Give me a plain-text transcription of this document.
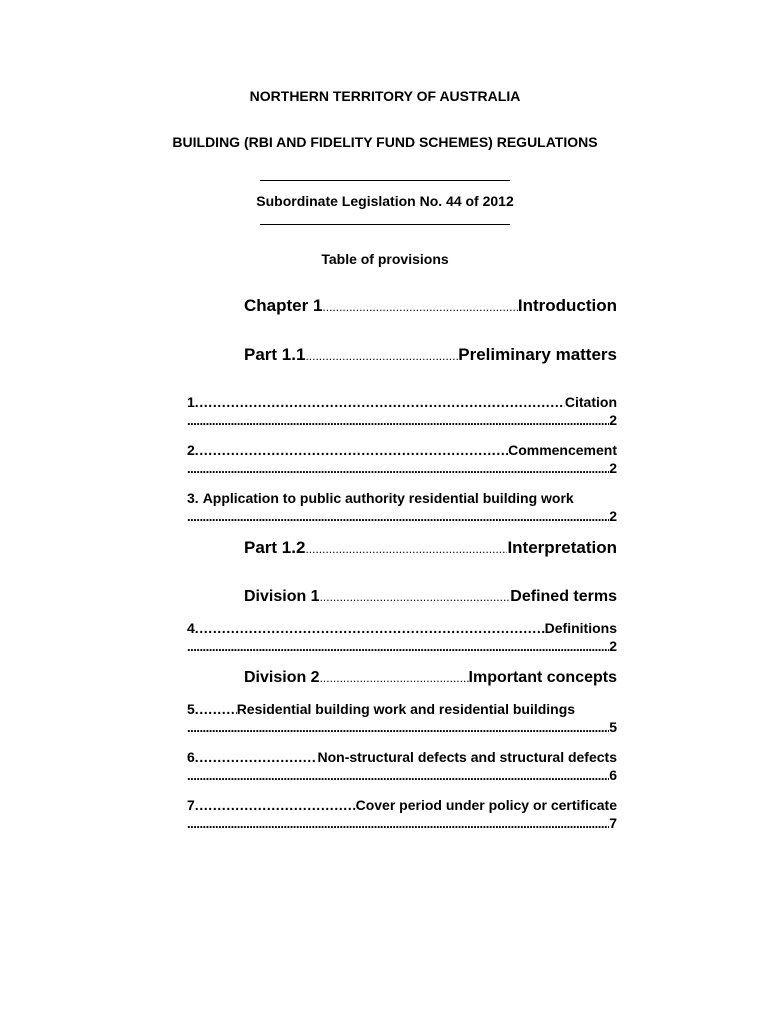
NORTHERN TERRITORY OF AUSTRALIA
BUILDING (RBI AND FIDELITY FUND SCHEMES) REGULATIONS
Subordinate Legislation No. 44 of 2012
Table of provisions
Chapter 1 .....	Introduction
Part 1.1 .....	Preliminary matters
1. ………………………………………………………………………………………………………………………………………………………………………………	Citation
.....
2
2. ………………………………………………………………………………………………………………………………………………………………………………	Commencement
.....
2
3. Application to public authority residential building work
.....
2
Part 1.2 .....	Interpretation
Division 1 .....	Defined terms
4. ………………………………………………………………………………………………………………………………………………………………………………	Definitions
.....
2
Division 2 .....	Important concepts
5. ………………………………………………………………………………………………………………………………………………………………………………	Residential building work and residential buildings
.....
5
6. ………………………………………………………………………………………………………………………………………………………………………………	Non-structural defects and structural defects
.....
6
7. ………………………………………………………………………………………………………………………………………………………………………………	Cover period under policy or certificate
.....
7
